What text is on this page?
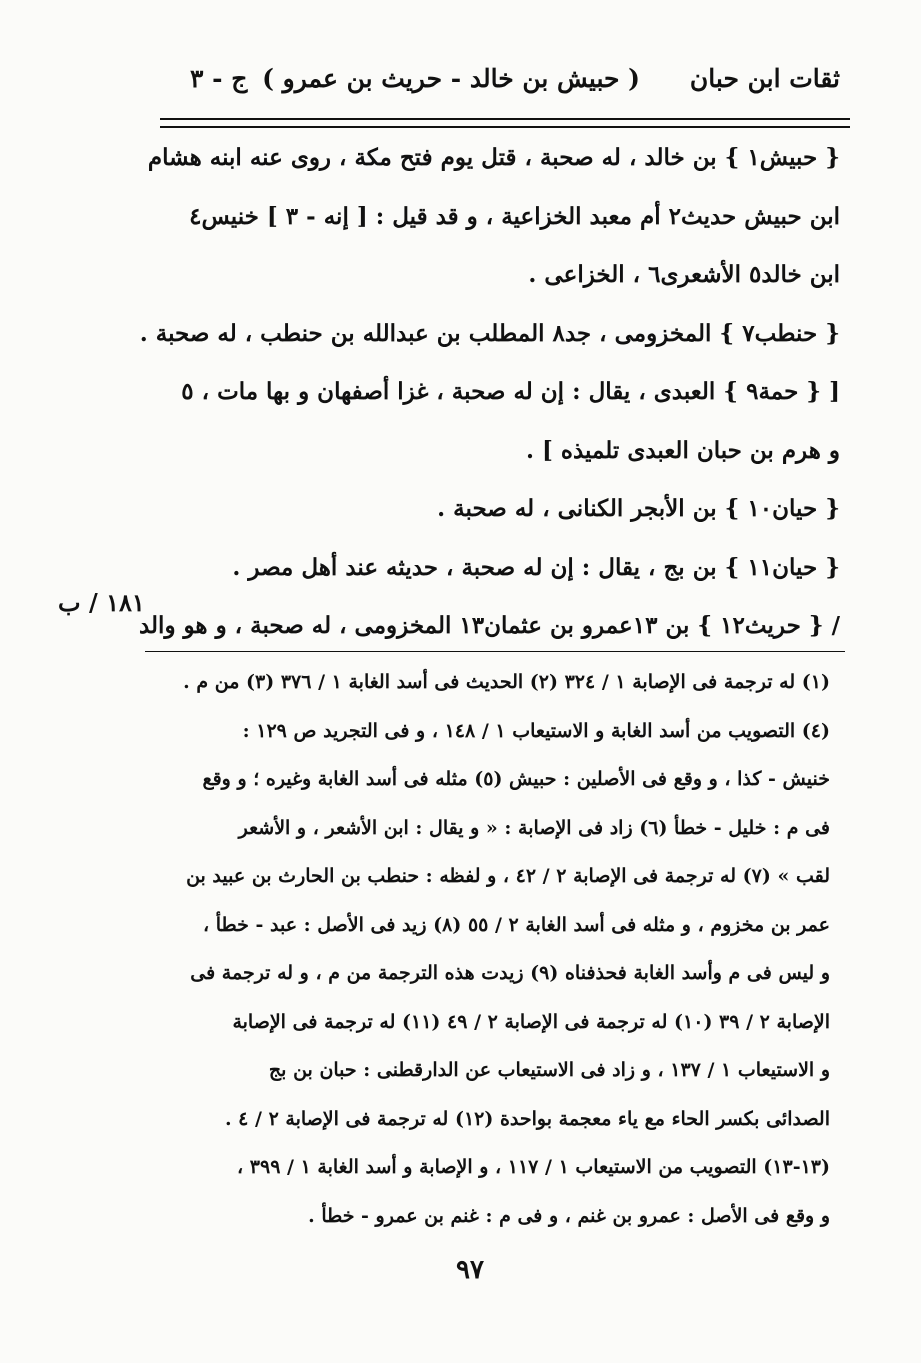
ثقات ابن حبان
( حبيش بن خالد - حريث بن عمرو )
ج - ٣
{ حبيش١ } بن خالد ، له صحبة ، قتل يوم فتح مكة ، روى عنه ابنه هشام
ابن حبيش حديث٢ أم معبد الخزاعية ، و قد قيل : [ إنه - ٣ ] خنيس٤
ابن خالد٥ الأشعرى٦ ، الخزاعى .
{ حنطب٧ } المخزومى ، جد٨ المطلب بن عبدالله بن حنطب ، له صحبة .
[ { حمة٩ } العبدى ، يقال : إن له صحبة ، غزا أصفهان و بها مات ، ٥
و هرم بن حبان العبدى تلميذه ] .
{ حيان١٠ } بن الأبجر الكنانى ، له صحبة .
{ حيان١١ } بن بج ، يقال : إن له صحبة ، حديثه عند أهل مصر .
/ { حريث١٢ } بن ١٣عمرو بن عثمان١٣ المخزومى ، له صحبة ، و هو والد
١٨١ / ب
(١) له ترجمة فى الإصابة ١ / ٣٢٤ (٢) الحديث فى أسد الغابة ١ / ٣٧٦ (٣) من م .
(٤) التصويب من أسد الغابة و الاستيعاب ١ / ١٤٨ ، و فى التجريد ص ١٢٩ :
خنيش - كذا ، و وقع فى الأصلين : حبيش (٥) مثله فى أسد الغابة وغيره ؛ و وقع
فى م : خليل - خطأ (٦) زاد فى الإصابة : « و يقال : ابن الأشعر ، و الأشعر
لقب » (٧) له ترجمة فى الإصابة ٢ / ٤٢ ، و لفظه : حنطب بن الحارث بن عبيد بن
عمر بن مخزوم ، و مثله فى أسد الغابة ٢ / ٥٥ (٨) زيد فى الأصل : عبد - خطأ ،
و ليس فى م وأسد الغابة فحذفناه (٩) زيدت هذه الترجمة من م ، و له ترجمة فى
الإصابة ٢ / ٣٩ (١٠) له ترجمة فى الإصابة ٢ / ٤٩ (١١) له ترجمة فى الإصابة
و الاستيعاب ١ / ١٣٧ ، و زاد فى الاستيعاب عن الدارقطنى : حبان بن بج
الصدائى بكسر الحاء مع ياء معجمة بواحدة (١٢) له ترجمة فى الإصابة ٢ / ٤ .
(١٣-١٣) التصويب من الاستيعاب ١ / ١١٧ ، و الإصابة و أسد الغابة ١ / ٣٩٩ ،
و وقع فى الأصل : عمرو بن غنم ، و فى م : غنم بن عمرو - خطأ .
٩٧
